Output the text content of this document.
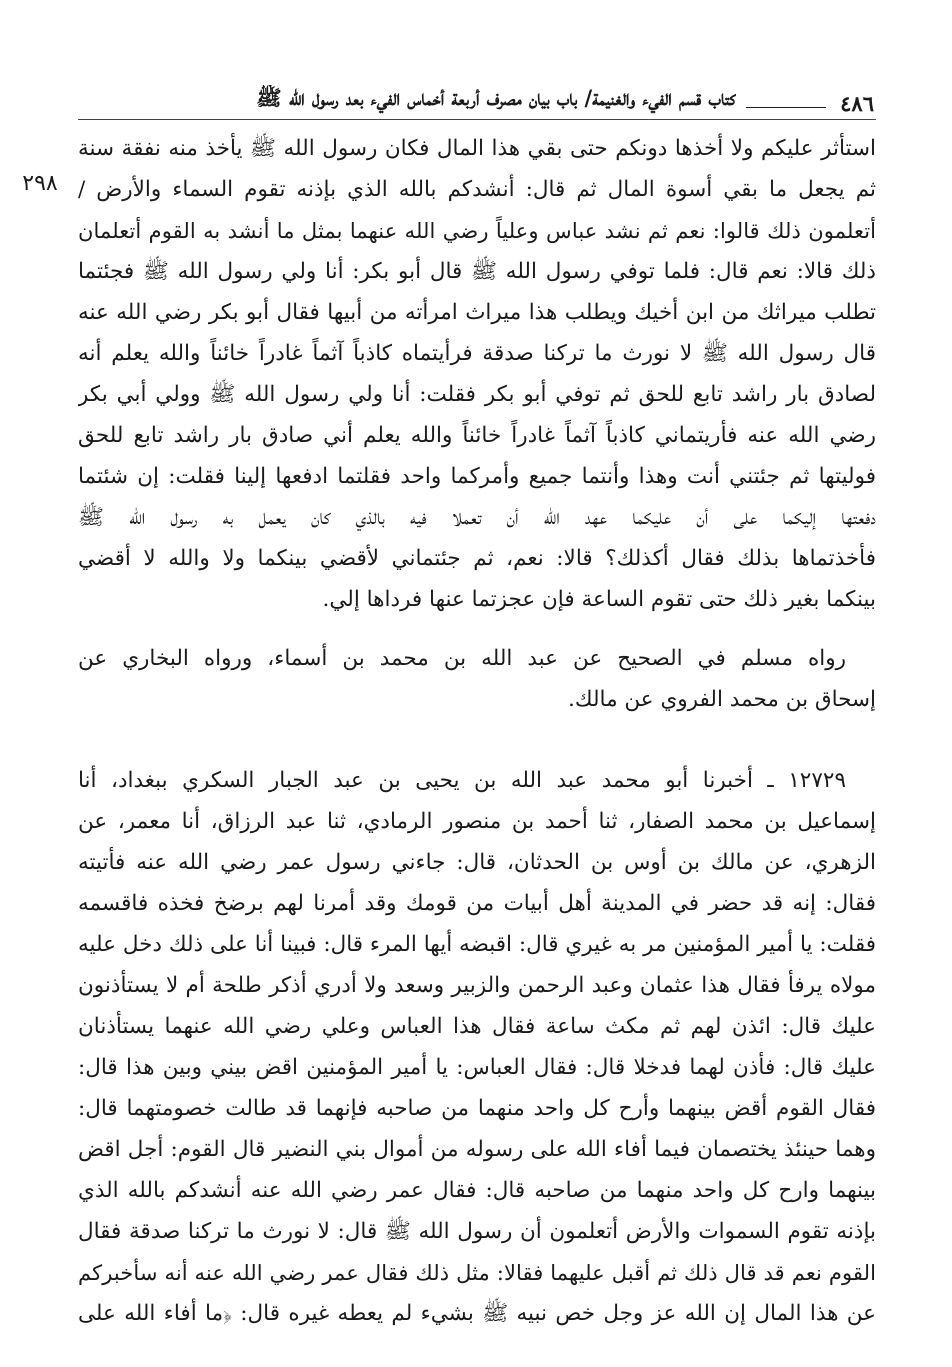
٤٨٦
كتاب قسم الفيء والغنيمة/ باب بيان مصرف أربعة أخماس الفيء بعد رسول الله ﷺ
٢٩٨
استأثر عليكم ولا أخذها دونكم حتى بقي هذا المال فكان رسول الله ﷺ يأخذ منه نفقة سنة
ثم يجعل ما بقي أسوة المال ثم قال: أنشدكم بالله الذي بإذنه تقوم السماء والأرض /
أتعلمون ذلك قالوا: نعم ثم نشد عباس وعلياً رضي الله عنهما بمثل ما أنشد به القوم أتعلمان
ذلك قالا: نعم قال: فلما توفي رسول الله ﷺ قال أبو بكر: أنا ولي رسول الله ﷺ فجئتما
تطلب ميراثك من ابن أخيك ويطلب هذا ميراث امرأته من أبيها فقال أبو بكر رضي الله عنه
قال رسول الله ﷺ لا نورث ما تركنا صدقة فرأيتماه كاذباً آثماً غادراً خائناً والله يعلم أنه
لصادق بار راشد تابع للحق ثم توفي أبو بكر فقلت: أنا ولي رسول الله ﷺ وولي أبي بكر
رضي الله عنه فأريتماني كاذباً آثماً غادراً خائناً والله يعلم أني صادق بار راشد تابع للحق
فوليتها ثم جئتني أنت وهذا وأنتما جميع وأمركما واحد فقلتما ادفعها إلينا فقلت: إن شئتما
دفعتها إليكما على أن عليكما عهد الله أن تعملا فيه بالذي كان يعمل به رسول الله ﷺ
فأخذتماها بذلك فقال أكذلك؟ قالا: نعم، ثم جئتماني لأقضي بينكما ولا والله لا أقضي
بينكما بغير ذلك حتى تقوم الساعة فإن عجزتما عنها فرداها إلي.
رواه مسلم في الصحيح عن عبد الله بن محمد بن أسماء، ورواه البخاري عن
إسحاق بن محمد الفروي عن مالك.
١٢٧٢٩ ـ أخبرنا أبو محمد عبد الله بن يحيى بن عبد الجبار السكري ببغداد، أنا
إسماعيل بن محمد الصفار، ثنا أحمد بن منصور الرمادي، ثنا عبد الرزاق، أنا معمر، عن
الزهري، عن مالك بن أوس بن الحدثان، قال: جاءني رسول عمر رضي الله عنه فأتيته
فقال: إنه قد حضر في المدينة أهل أبيات من قومك وقد أمرنا لهم برضخ فخذه فاقسمه
فقلت: يا أمير المؤمنين مر به غيري قال: اقبضه أيها المرء قال: فبينا أنا على ذلك دخل عليه
مولاه يرفأ فقال هذا عثمان وعبد الرحمن والزبير وسعد ولا أدري أذكر طلحة أم لا يستأذنون
عليك قال: ائذن لهم ثم مكث ساعة فقال هذا العباس وعلي رضي الله عنهما يستأذنان
عليك قال: فأذن لهما فدخلا قال: فقال العباس: يا أمير المؤمنين اقض بيني وبين هذا قال:
فقال القوم أقض بينهما وأرح كل واحد منهما من صاحبه فإنهما قد طالت خصومتهما قال:
وهما حينئذ يختصمان فيما أفاء الله على رسوله من أموال بني النضير قال القوم: أجل اقض
بينهما وارح كل واحد منهما من صاحبه قال: فقال عمر رضي الله عنه أنشدكم بالله الذي
بإذنه تقوم السموات والأرض أتعلمون أن رسول الله ﷺ قال: لا نورث ما تركنا صدقة فقال
القوم نعم قد قال ذلك ثم أقبل عليهما فقالا: مثل ذلك فقال عمر رضي الله عنه أنه سأخبركم
عن هذا المال إن الله عز وجل خص نبيه ﷺ بشيء لم يعطه غيره قال: ﴿ما أفاء الله على
